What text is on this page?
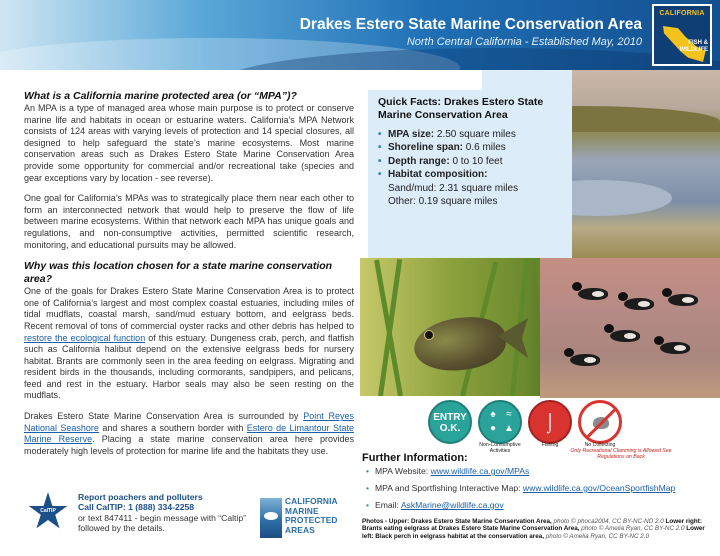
Drakes Estero State Marine Conservation Area
North Central California - Established May, 2010
CALIFORNIA
FISH & WILDLIFE
What is a California marine protected area (or “MPA”)?

An MPA is a type of managed area whose main purpose is to protect or conserve marine life and habitats in ocean or estuarine waters. California’s MPA Network consists of 124 areas with varying levels of protection and 14 special closures, all designed to help safeguard the state’s marine ecosystems. Most marine conservation areas such as Drakes Estero State Marine Conservation Area provide some opportunity for commercial and/or recreational take (species and gear exceptions vary by location - see reverse).

One goal for California’s MPAs was to strategically place them near each other to form an interconnected network that would help to preserve the flow of life between marine ecosystems. Within that network each MPA has unique goals and regulations, and non-consumptive activities, permitted scientific research, monitoring, and educational pursuits may be allowed.

Why was this location chosen for a state marine conservation area?

One of the goals for Drakes Estero State Marine Conservation Area is to protect one of California’s largest and most complex coastal estuaries, including miles of tidal mudflats, coastal marsh, sand/mud estuary bottom, and eelgrass beds. Recent removal of tons of commercial oyster racks and other debris has helped to restore the ecological function of this estuary. Dungeness crab, perch, and flatfish such as California halibut depend on the extensive eelgrass beds for nursery habitat. Brants are commonly seen in the area feeding on eelgrass. Migrating and resident birds in the thousands, including cormorants, sandpipers, and pelicans, feed and rest in the estuary. Harbor seals may also be seen resting on the mudflats.

Drakes Estero State Marine Conservation Area is surrounded by Point Reyes National Seashore and shares a southern border with Estero de Limantour State Marine Reserve. Placing a state marine conservation area here provides moderately high levels of protection for marine life and the habitats they use.

Quick Facts: Drakes Estero State Marine Conservation Area
• MPA size: 2.50 square miles
• Shoreline span: 0.6 miles
• Depth range: 0 to 10 feet
• Habitat composition:
Sand/mud: 2.31 square miles
Other: 0.19 square miles
ENTRY O.K.
♠ ≈
● ▲	⌡
Non-Consumptive Activities
Fishing
Only Recreational Clamming is Allowed See Regulations on Back
No Collecting
Further Information:
• MPA Website: www.wildlife.ca.gov/MPAs
• MPA and Sportfishing Interactive Map: www.wildlife.ca.gov/OceanSportfishMap
• Email: AskMarine@wildlife.ca.gov
Photos - Upper: Drakes Estero State Marine Conservation Area, photo © phoca2004, CC BY-NC-ND 2.0 Lower right: Brants eating eelgrass at Drakes Estero State Marine Conservation Area, photo © Amelia Ryan, CC BY-NC 2.0 Lower left: Black perch in eelgrass habitat at the conservation area, photo © Amelia Ryan, CC BY-NC 2.0
CalTIP
Report poachers and polluters
Call CalTIP: 1 (888) 334-2258
or text 847411 - begin message with “Caltip” followed by the details.
CALIFORNIA
MARINE
PROTECTED
AREAS
